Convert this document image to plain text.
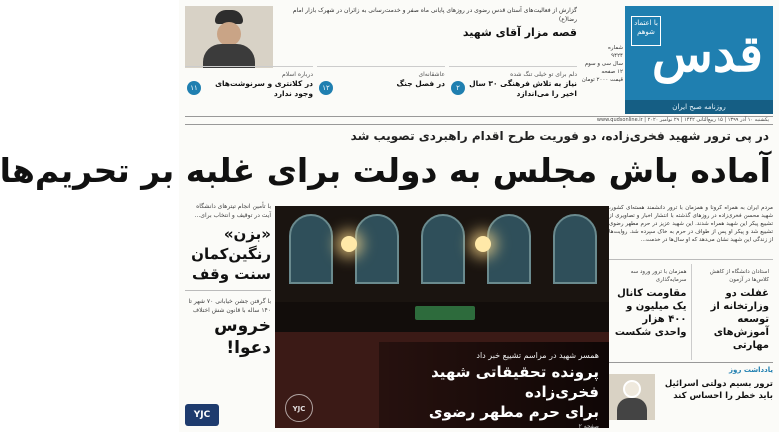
قدس
با اعتماد شوهم
روزنامه صبح ایران
شماره
۹۴۲۴
سال سی و سوم
۱۲ صفحه
قیمت ۲۰۰۰ تومان
گزارش از فعالیت‌های آستان قدس رضوی در روزهای پایانی ماه صفر و خدمت‌رسانی به زائران در شهرک بازار امام رضا(ع)
قصه مزار آقای شهید
۲
دلم برای تو خیلی تنگ شده
نیاز به تلاش فرهنگی ۳۰ سال اخیر را می‌اندازد
۱۲
عاشقانه‌ای
در فصل جنگ
۱۱
درباره اسلام
در کلانتری و سرنوشت‌های وجود ندارد
یکشنبه ۱۰ آذر ۱۳۹۹ | ۱۵ ربیع‌الثانی ۱۴۴۲ | ۲۹ نوامبر ۲۰۲۰ | www.qudsonline.ir
در پی ترور شهید فخری‌زاده، دو فوریت طرح اقدام راهبردی تصویب شد
آماده باش مجلس به دولت برای غلبه بر تحریم‌ها
با تأمین انجام تیترهای دانشگاه آیت در توقیف و انتخاب برای...
«بزن» رنگین‌کمان سنت وقف
با گرفتن جشن خیابانی ۷۰ شهر تا ۱۴۰ ساله با قانون شش اختلاف
خروس دعوا!
YJC
همسر شهید در مراسم تشییع خبر داد
پرونده تحقیقاتی شهید فخری‌زاده
برای حرم مطهر رضوی
صفحه ۲
YJC
مردم ایران به همراه کرونا و همزمان با ترور دانشمند هسته‌ای کشور، شهید محسن فخری‌زاده در روزهای گذشته با انتشار اخبار و تصاویری از تشییع پیکر این شهید همراه شدند. این شهید عزیز در حرم مطهر رضوی تشییع شد و پیکر او پس از طواف در حرم به خاک سپرده شد. روایت‌ها از زندگی این شهید نشان می‌دهد که او سال‌ها در خدمت...
استادان دانشگاه از کاهش کلاس‌ها در آزمون
غفلت دو وزارتخانه از توسعه آموزش‌های مهارتی
همزمان با ترور ورود سه سرمایه‌گذاری
مقاومت کانال یک میلیون و ۴۰۰ هزار واحدی شکست
یادداشت روز
ترور بسیم دولتی اسرائیل باید خطر را احساس کند
